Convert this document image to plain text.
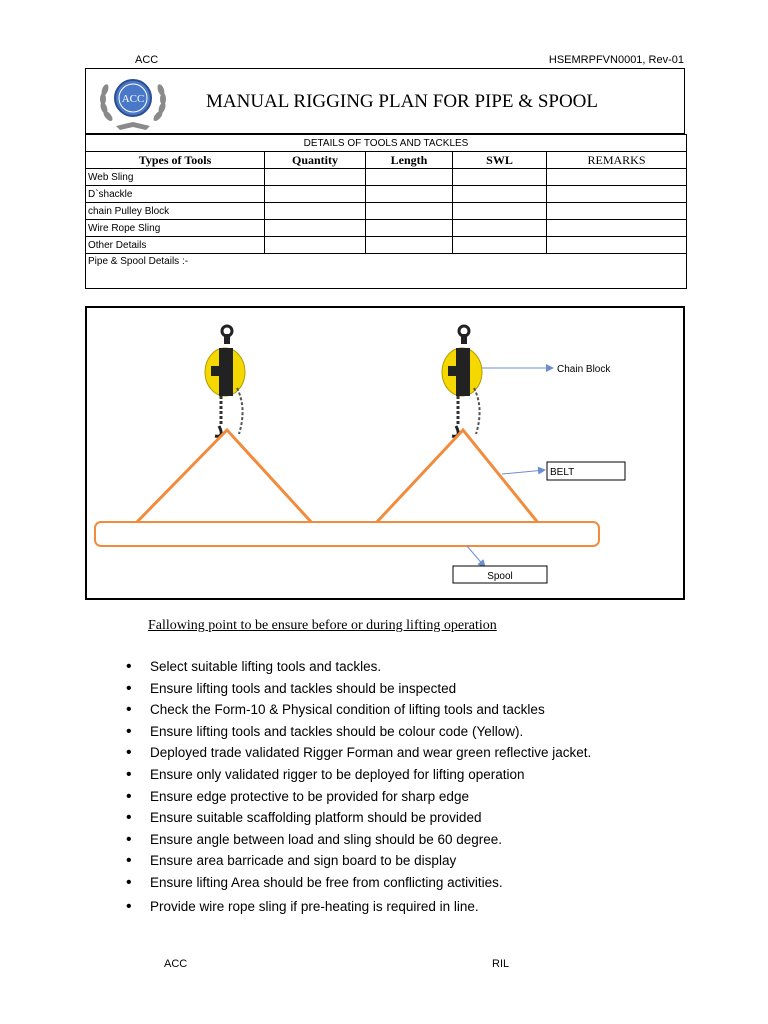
ACC	HSEMRPFVN0001, Rev-01
ACC	MANUAL RIGGING PLAN FOR PIPE & SPOOL
DETAILS OF TOOLS AND TACKLES				
Types of Tools	Quantity	Length	SWL	REMARKS
Web Sling				
D`shackle				
chain Pulley Block				
Wire Rope Sling				
Other Details				
Pipe & Spool Details :-				
Chain Block
BELT
Spool
Fallowing point to be ensure before or during lifting operation
• Select suitable lifting tools and tackles.
• Ensure lifting tools and tackles should be inspected
• Check the Form-10 & Physical condition of lifting tools and tackles
• Ensure lifting tools and tackles should be colour code (Yellow).
• Deployed trade validated Rigger Forman and wear green reflective jacket.
• Ensure only validated rigger to be deployed for lifting operation
• Ensure edge protective to be provided for sharp edge
• Ensure suitable scaffolding platform should be provided
• Ensure angle between load and sling should be 60 degree.
• Ensure area barricade and sign board to be display
• Ensure lifting Area should be free from conflicting activities.
• Provide wire rope sling if pre-heating is required in line.
ACC	RIL
